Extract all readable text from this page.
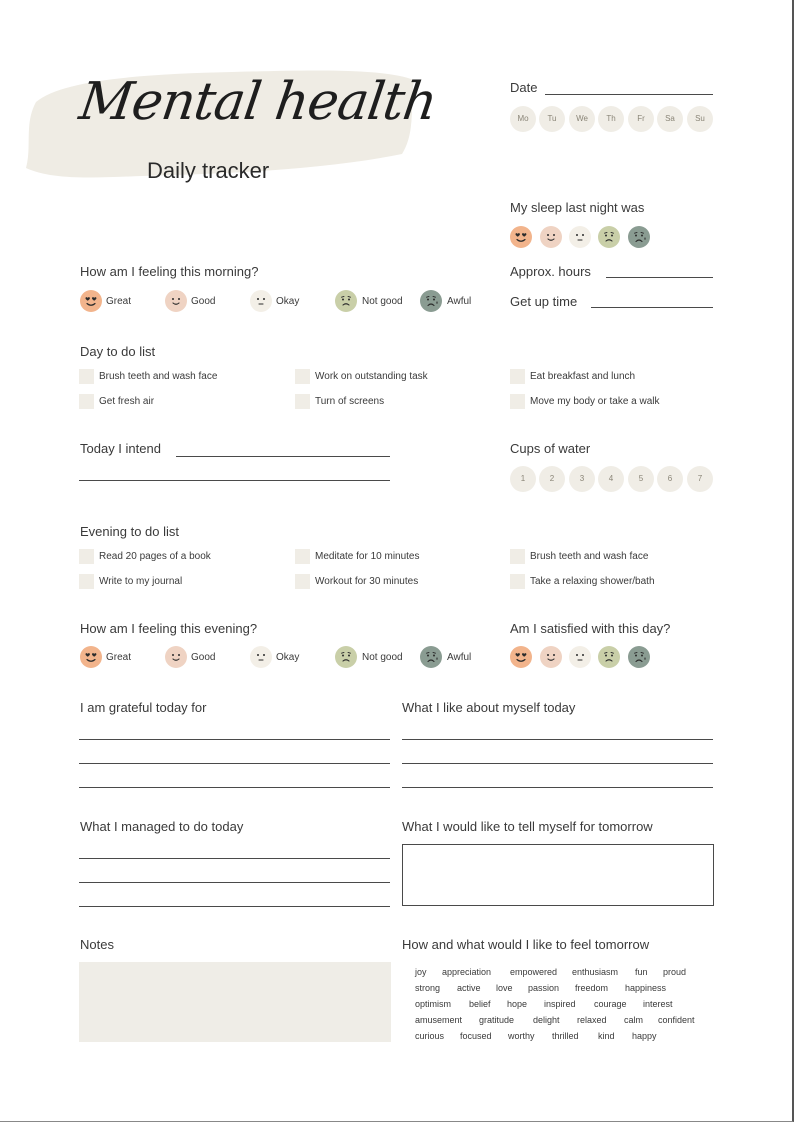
Mental health
Daily tracker
Date
Mo	Tu	We	Th	Fr	Sa	Su
My sleep last night was
Approx. hours
Get up time
How am I feeling this morning?
Great	Good	Okay	Not good	Awful
Day to do list
Brush teeth and wash face	Work on outstanding task	Eat breakfast and lunch
Get fresh air	Turn of screens	Move my body or take a walk
Today I intend	Cups of water
1	2	3	4	5	6	7
Evening to do list
Read 20 pages of a book	Meditate for 10 minutes	Brush teeth and wash face
Write to my journal	Workout for 30 minutes	Take a relaxing shower/bath
How am I feeling this evening?
Great	Good	Okay	Not good	Awful
Am I satisfied with this day?
I am grateful today for	What I like about myself today
What I managed to do today	What I would like to tell myself for tomorrow
Notes	How and what would I like to feel tomorrow
joy appreciation empowered enthusiasm fun proud
strong active love passion freedom happiness
optimism belief hope inspired courage interest
amusement gratitude delight relaxed calm confident
curious focused worthy thrilled kind happy
